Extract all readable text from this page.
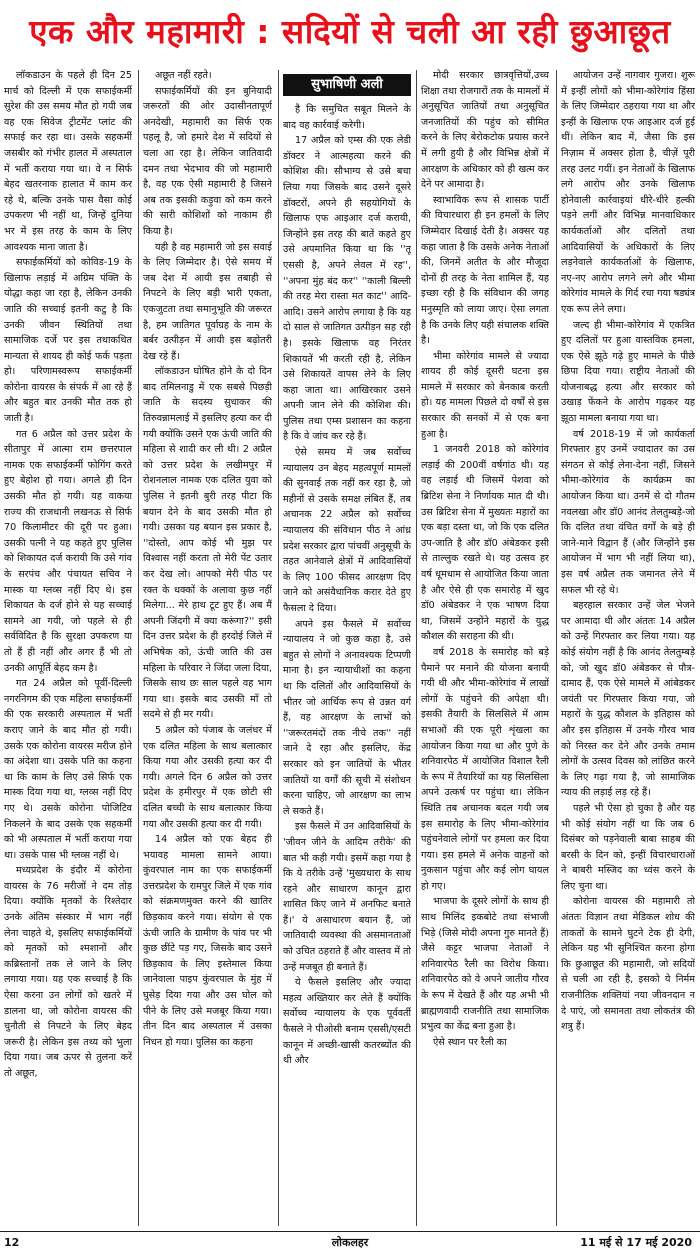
एक और महामारी : सदियों से चली आ रही छुआछूत

लॉकडाउन के पहले ही दिन 25 मार्च को दिल्ली में एक सफाईकर्मी सुरेश की उस समय मौत हो गयी जब वह एक सिवेज ट्रीटमेंट प्लांट की सफाई कर रहा था। उसके सहकर्मी जसबीर को गंभीर हालत में अस्पताल में भर्ती कराया गया था। वे न सिर्फ बेहद खतरनाक हालात में काम कर रहे थे, बल्कि उनके पास वैसा कोई उपकरण भी नहीं था, जिन्हें दुनिया भर में इस तरह के काम के लिए आवश्यक माना जाता है।

सफाईकर्मियों को कोविड-19 के खिलाफ लड़ाई में अग्रिम पंक्ति के योद्धा कहा जा रहा है, लेकिन उनकी जाति की सच्चाई इतनी कटु है कि उनकी जीवन स्थितियों तथा सामाजिक दर्जे पर इस तथाकथित मान्यता से शायद ही कोई फर्क पड़ता हो। परिणामस्वरूप सफाईकर्मी कोरोना वायरस के संपर्क में आ रहे हैं और बहुत बार उनकी मौत तक हो जाती है।

गत 6 अप्रैल को उत्तर प्रदेश के सीतापुर में आत्मा राम छत्तरपाल नामक एक सफाईकर्मी फोगिंग करते हुए बेहोश हो गया। अगले ही दिन उसकी मौत हो गयी। यह वाकया राज्य की राजधानी लखनऊ से सिर्फ 70 किलामीटर की दूरी पर हुआ। उसकी पत्नी ने यह कहते हुए पुलिस को शिकायत दर्ज करायी कि उसे गांव के सरपंच और पंचायत सचिव ने मास्क या ग्लव्स नहीं दिए थे। इस शिकायत के दर्ज होने से यह सच्चाई सामने आ गयी, जो पहले से ही सर्वविदित है कि सुरक्षा उपकरण या तो हैं ही नहीं और अगर हैं भी तो उनकी आपूर्ति बेहद कम है।

गत 24 अप्रैल को पूर्वी-दिल्ली नगरनिगम की एक महिला सफाईकर्मी की एक सरकारी अस्पताल में भर्ती कराए जाने के बाद मौत हो गयी। उसके एक कोरोना वायरस मरीज होने का अंदेशा था। उसके पति का कहना था कि काम के लिए उसे सिर्फ एक मास्क दिया गया था, ग्लव्स नहीं दिए गए थे। उसके कोरोना पोजिटिव निकलने के बाद उसके एक सहकर्मी को भी अस्पताल में भर्ती कराया गया था। उसके पास भी ग्लव्स नहीं थे।

मध्यप्रदेश के इंदौर में कोरोना वायरस के 76 मरीजों ने दम तोड़ दिया। क्योंकि मृतकों के रिश्तेदार उनके अंतिम संस्कार में भाग नहीं लेना चाहते थे, इसलिए सफाईकर्मियों को मृतकों को श्मशानों और कब्रिस्तानों तक ले जाने के लिए लगाया गया। यह एक सच्चाई है कि ऐसा करना उन लोगों को खतरे में डालना था, जो कोरोना वायरस की चुनौती से निपटने के लिए बेहद जरूरी है। लेकिन इस तथ्य को भुला दिया गया। जब ऊपर से तुलना करें तो अछूत,

अछूत नहीं रहते।

सफाईकर्मियों की इन बुनियादी जरूरतों की ओर उदासीनतापूर्ण अनदेखी, महामारी का सिर्फ एक पहलू है, जो हमारे देश में सदियों से चला आ रहा है। लेकिन जातिवादी दमन तथा भेदभाव की जो महामारी है, वह एक ऐसी महामारी है जिसने अब तक इसकी कड़ुवा को कम करने की सारी कोशिशों को नाकाम ही किया है।

यही है वह महामारी जो इस सवाई के लिए जिम्मेदार है। ऐसे समय में जब देश में आयी इस तबाही से निपटने के लिए बड़ी भारी एकता, एकजुटता तथा समानुभूति की जरूरत है, हम जातिगत पूर्वाग्रह के नाम के बर्बर उत्पीड़न में आयी इस बढ़ोतरी देख रहे हैं।

लॉकडाउन घोषित होने के दो दिन बाद तमिलनाडु में एक सबसे पिछड़ी जाति के सदस्य सुधाकर की तिरुवन्नामलाई में इसलिए हत्या कर दी गयी क्योंकि उसने एक ऊंची जाति की महिला से शादी कर ली थी। 2 अप्रैल को उत्तर प्रदेश के लखीमपुर में रोशनलाल नामक एक दलित युवा को पुलिस ने इतनी बुरी तरह पीटा कि बयान देने के बाद उसकी मौत हो गयी। उसका यह बयान इस प्रकार है, ''दोस्तो, आप कोई भी मुझ पर विश्वास नहीं करता तो मेरी पेंट उतार कर देख लो। आपको मेरी पीठ पर रक्त के धक्कों के अलावा कुछ नहीं मिलेगा... मेरे हाथ टूट हुए हैं। अब मैं अपनी जिंदगी में क्या करूंगा?'' इसी दिन उत्तर प्रदेश के ही हरदोई जिले में अभिषेक को, ऊंची जाति की उस महिला के परिवार ने जिंदा जला दिया, जिसके साथ छः साल पहले वह भाग गया था। इसके बाद उसकी माँ तो सदमे से ही मर गयी।

5 अप्रैल को पंजाब के जलंधर में एक दलित महिला के साथ बलात्कार किया गया और उसकी हत्या कर दी गयी। अगले दिन 6 अप्रैल को उत्तर प्रदेश के हमीरपुर में एक छोटी सी दलित बच्ची के साथ बलात्कार किया गया और उसकी हत्या कर दी गयी।

14 अप्रैल को एक बेहद ही भयावह मामला सामने आया। कुंवरपाल नाम का एक सफाईकर्मी उत्तरप्रदेश के रामपुर जिले में एक गांव को संक्रमणमुक्त करने की खातिर छिड़काव करने गया। संयोग से एक ऊंची जाति के ग्रामीण के पांव पर भी कुछ छींटे पड़ गए, जिसके बाद उसने छिड़काव के लिए इस्तेमाल किया जानेवाला पाइप कुंवरपाल के मुंह में घुसेड़ दिया गया और उस घोल को पीने के लिए उसे मजबूर किया गया। तीन दिन बाद अस्पताल में उसका निधन हो गया। पुलिस का कहना

सुभाषिणी अली

है कि समुचित सबूत मिलने के बाद वह कार्रवाई करेगी।

17 अप्रैल को एम्स की एक लेडी डॉक्टर ने आत्महत्या करने की कोशिश की। सौभाग्य से उसे बचा लिया गया जिसके बाद उसने दूसरे डॉक्टरों, अपने ही सहयोगियों के खिलाफ एफ आइआर दर्ज करायी, जिन्होंने इस तरह की बातें कहते हुए उसे अपमानित किया था कि ''तू एससी है, अपने लेवल में रह'', ''अपना मुंह बंद कर'' ''काली बिल्ली की तरह मेरा रास्ता मत काट'' आदि-आदि। उसने आरोप लगाया है कि यह दो साल से जातिगत उत्पीड़न सह रही है। इसके खिलाफ वह निरंतर शिकायतें भी करती रही है, लेकिन उसे शिकायतें वापस लेने के लिए कहा जाता था। आखिरकार उसने अपनी जान लेने की कोशिश की। पुलिस तथा एम्स प्रशासन का कहना है कि वे जांच कर रहे हैं।

ऐसे समय में जब सर्वोच्च न्यायालय उन बेहद महत्वपूर्ण मामलों की सुनवाई तक नहीं कर रहा है, जो महीनों से उसके समक्ष लंबित हैं, तब अचानक 22 अप्रैल को सर्वोच्च न्यायालय की संविधान पीठ ने आंध्र प्रदेश सरकार द्वारा पांचवीं अनुसूची के तहत आनेवाले क्षेत्रों में आदिवासियों के लिए 100 फीसद आरक्षण दिए जाने को असंवैधानिक करार देते हुए फैसला दे दिया।

अपने इस फैसले में सर्वोच्च न्यायालय ने जो कुछ कहा है, उसे बहुत से लोगों ने अनावश्यक टिप्पणी माना है। इन न्यायाधीशों का कहना था कि दलितों और आदिवासियों के भीतर जो आर्थिक रूप से उन्नत वर्ग हैं, वह आरक्षण के लाभों को ''जरूरतमंदों तक नीचे तक'' नहीं जाने दे रहा और इसलिए, केंद्र सरकार को इन जातियों के भीतर जातियों या वर्गों की सूची में संशोधन करना चाहिए, जो आरक्षण का लाभ ले सकते हैं।

इस फैसले में उन आदिवासियों के 'जीवन जीने के आदिम तरीके' की बात भी कही गयी। इसमें कहा गया है कि ये तरीके उन्हें 'मुख्यधारा के साथ रहने और साधारण कानून द्वारा शासित किए जाने में अनफिट बनाते हैं।' ये असाधारण बयान हैं, जो जातिवादी व्यवस्था की असमानताओं को उचित ठहराते हैं और वास्तव में तो उन्हें मजबूत ही बनाते हैं।

ये फैसले इसलिए और ज्यादा महत्व अख्तियार कर लेते हैं क्योंकि सर्वोच्च न्यायालय के एक पूर्ववर्ती फैसले ने पीओसी बनाम एससी/एसटी कानून में अच्छी-खासी कतरब्योंत की थी और

मोदी सरकार छात्रवृत्तियों,उच्च शिक्षा तथा रोजगारों तक के मामलों में अनुसूचित जातियों तथा अनुसूचित जनजातियों की पहुंच को सीमित करने के लिए बेरोकटोक प्रयास करने में लगी हुयी है और विभिन्न क्षेत्रों में आरक्षण के अधिकार को ही खत्म कर देने पर आमादा है।

स्वाभाविक रूप से शासक पार्टी की विचारधारा ही इन हमलों के लिए जिम्मेदार दिखाई देती है। अक्सर यह कहा जाता है कि उसके अनेक नेताओं की, जिनमें अतीत के और मौजूदा दोनों ही तरह के नेता शामिल हैं, यह इच्छा रही है कि संविधान की जगह मनुस्मृति को लाया जाए। ऐसा लगता है कि उनके लिए यही संचालक शक्ति है।

भीमा कोरेगांव मामले से ज्यादा शायद ही कोई दूसरी घटना इस मामले में सरकार को बेनकाब करती हो। यह मामला पिछले दो वर्षों से इस सरकार की सनकों में से एक बना हुआ है।

1 जनवरी 2018 को कोरेगांव लड़ाई की 200वीं वर्षगांठ थी। यह वह लड़ाई थी जिसमें पेशवा को ब्रिटिश सेना ने निर्णायक मात दी थी। उस ब्रिटिश सेना में मुख्यतः महारों का एक बड़ा दस्ता था, जो कि एक दलित उप-जाति है और डॉ0 अंबेडकर इसी से ताल्लुक रखते थे। यह उत्सव हर वर्ष धूमधाम से आयोजित किया जाता है और ऐसे ही एक समारोह में खुद डॉ0 अंबेडकर ने एक भाषण दिया था, जिसमें उन्होंने महारों के युद्ध कौशल की सराहना की थी।

वर्ष 2018 के समारोह को बड़े पैमाने पर मनाने की योजना बनायी गयी थी और भीमा-कोरेगांव में लाखों लोगों के पहुंचने की अपेक्षा थी। इसकी तैयारी के सिलसिले में आम सभाओं की एक पूरी शृंखला का आयोजन किया गया था और पुणे के शनिवारपेठ में आयोजित विशाल रैली के रूप में तैयारियों का यह सिलसिला अपने उत्कर्ष पर पहुंचा था। लेकिन स्थिति तब अचानक बदल गयी जब इस समारोह के लिए भीमा-कोरेगांव पहुंचनेवाले लोगों पर हमला कर दिया गया। इस हमले में अनेक वाहनों को नुकसान पहुंचा और कई लोग घायल हो गए।

भाजपा के दूसरे लोगों के साथ ही साथ मिलिंद इकबोटे तथा संभाजी भिड़े (जिसे मोदी अपना गुरु मानते हैं) जैसे कट्टर भाजपा नेताओं ने शनिवारपेठ रैली का विरोध किया। शनिवारपेठ को वे अपने जातीय गौरव के रूप में देखते हैं और यह अभी भी ब्राह्मणवादी राजनीति तथा सामाजिक प्रभुत्व का केंद्र बना हुआ है।

ऐसे स्थान पर रैली का

आयोजन उन्हें नागवार गुजरा। शुरू में इन्हीं लोगों को भीमा-कोरेगांव हिंसा के लिए जिम्मेदार ठहराया गया था और इन्हीं के खिलाफ एफ आइआर दर्ज हुई थीं। लेकिन बाद में, जैसा कि इस निज़ाम में अक्सर होता है, चीज़ें पूरी तरह उलट गयीं। इन नेताओं के खिलाफ लगे आरोप और उनके खिलाफ होनेवाली कार्रवाइयां धीरे-धीरे हल्की पड़ने लगीं और विभिन्न मानवाधिकार कार्यकर्ताओं और दलितों तथा आदिवासियों के अधिकारों के लिए लड़नेवाले कार्यकर्ताओं के खिलाफ, नए-नए आरोप लगने लगे और भीमा कोरेगांव मामले के गिर्द रचा गया षड्यंत्र एक रूप लेने लगा।

जल्द ही भीमा-कोरेगांव में एकत्रित हुए दलितों पर हुआ वास्तविक हमला, एक ऐसे झूठे गढ़े हुए मामले के पीछे छिपा दिया गया। राष्ट्रीय नेताओं की योजनाबद्ध हत्या और सरकार को उखाड़ फेंकने के आरोप गढ़कर यह झूठा मामला बनाया गया था।

वर्ष 2018-19 में जो कार्यकर्ता गिरफ्तार हुए उनमें ज्यादातर का उस संगठन से कोई लेना-देना नहीं, जिसने भीमा-कोरेगांव के कार्यक्रम का आयोजन किया था। उनमें से दो गौतम नवलखा और डॉ0 आनंद तेलतुम्बड़े-जो कि दलित तथा वंचित वर्गों के बड़े ही जाने-माने विद्वान हैं (और जिन्होंने इस आयोजन में भाग भी नहीं लिया था), इस वर्ष अप्रैल तक जमानत लेने में सफल भी रहे थे।

बहरहाल सरकार उन्हें जेल भेजने पर आमादा थी और अंततः 14 अप्रैल को उन्हें गिरफ्तार कर लिया गया। यह कोई संयोग नहीं है कि आनंद तेलतुम्बड़े को, जो खुद डॉ0 अंबेडकर से पौत्र-दामाद हैं, एक ऐसे मामले में आंबेडकर जयंती पर गिरफ्तार किया गया, जो महारों के युद्ध कौशल के इतिहास को और इस इतिहास में उनके गौरव भाव को निरस्त कर देने और उनके तमाम लोगों के उत्सव दिवस को लांछित करने के लिए गढ़ा गया है, जो सामाजिक न्याय की लड़ाई लड़ रहे हैं।

पहले भी ऐसा हो चुका है और यह भी कोई संयोग नहीं था कि जब 6 दिसंबर को पड़नेवाली बाबा साहब की बरसी के दिन को, इन्हीं विचारधाराओं ने बाबरी मस्जिद का ध्वंस करने के लिए चुना था।

कोरोना वायरस की महामारी तो अंततः विज्ञान तथा मेडिकल शोध की ताकतों के सामने घुटने टेक ही देगी, लेकिन यह भी सुनिश्चित करना होगा कि छुआछूत की महामारी, जो सदियों से चली आ रही है, इसको ये निर्मम राजनीतिक शक्तियां नया जीवनदान न दे पाएं, जो समानता तथा लोकतंत्र की शत्रु हैं।

12	लोकलहर	11 मई से 17 मई 2020
